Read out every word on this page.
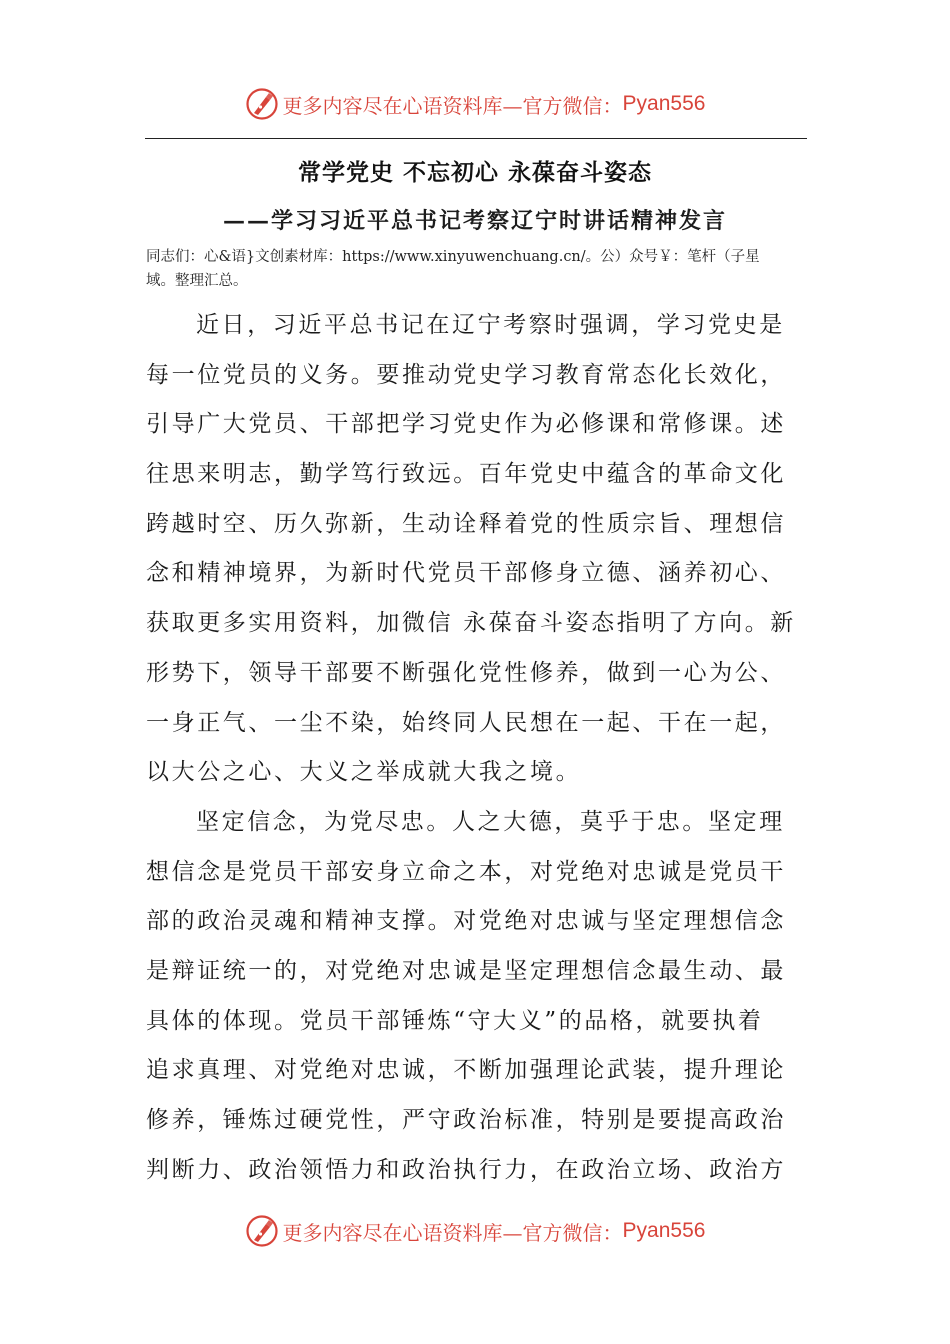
更多内容尽在心语资料库—官方微信： Pyan556
常学党史 不忘初心 永葆奋斗姿态
——学习习近平总书记考察辽宁时讲话精神发言
同志们：心&语}文创素材库：https://www.xinyuwenchuang.cn/。公）众号￥：笔杆（子星
域。整理汇总。
近日，习近平总书记在辽宁考察时强调，学习党史是
每一位党员的义务。要推动党史学习教育常态化长效化，
引导广大党员、干部把学习党史作为必修课和常修课。述
往思来明志，勤学笃行致远。百年党史中蕴含的革命文化
跨越时空、历久弥新，生动诠释着党的性质宗旨、理想信
念和精神境界，为新时代党员干部修身立德、涵养初心、
获取更多实用资料，加微信 永葆奋斗姿态指明了方向。新
形势下，领导干部要不断强化党性修养，做到一心为公、
一身正气、一尘不染，始终同人民想在一起、干在一起，
以大公之心、大义之举成就大我之境。
坚定信念，为党尽忠。人之大德，莫乎于忠。坚定理
想信念是党员干部安身立命之本，对党绝对忠诚是党员干
部的政治灵魂和精神支撑。对党绝对忠诚与坚定理想信念
是辩证统一的，对党绝对忠诚是坚定理想信念最生动、最
具体的体现。党员干部锤炼“守大义”的品格，就要执着
追求真理、对党绝对忠诚，不断加强理论武装，提升理论
修养，锤炼过硬党性，严守政治标准，特别是要提高政治
判断力、政治领悟力和政治执行力，在政治立场、政治方
更多内容尽在心语资料库—官方微信： Pyan556
